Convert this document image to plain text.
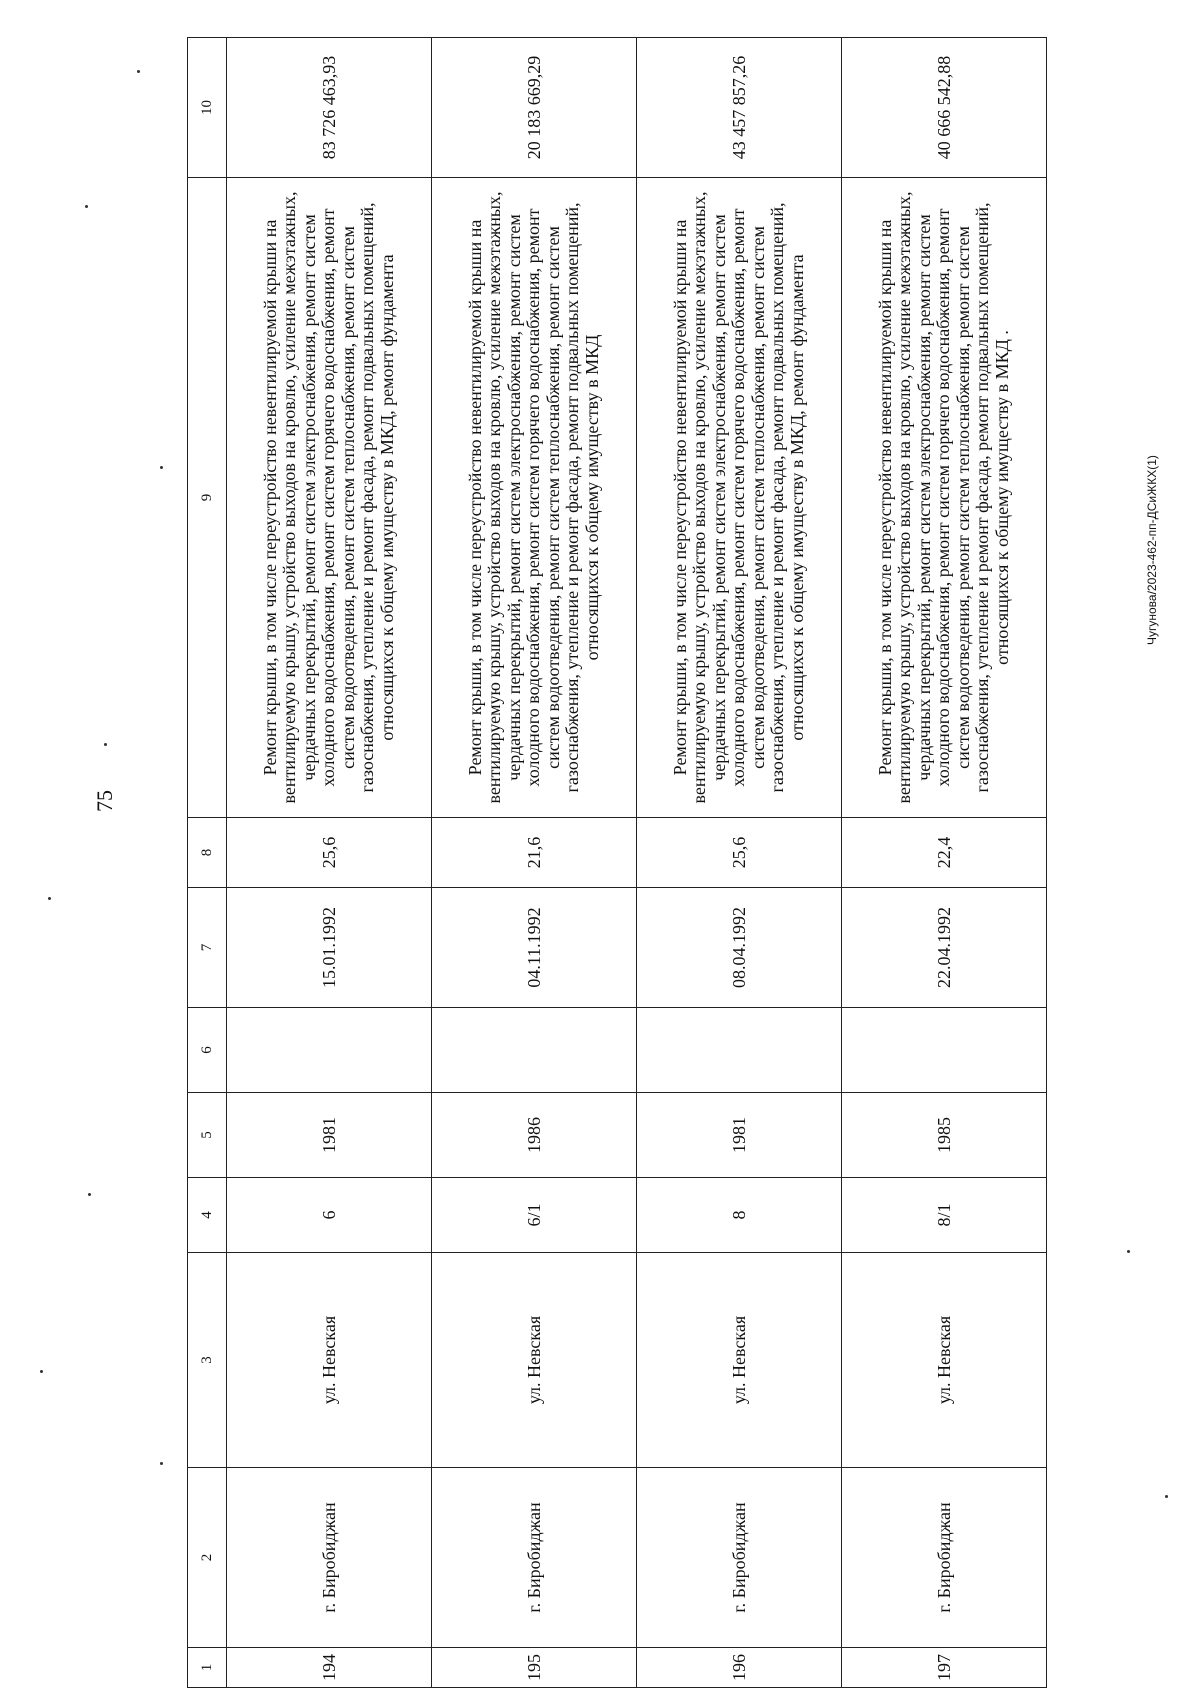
75
1	2	3	4	5	6	7	8	9	10
194	г. Биробиджан	ул. Невская	6	1981		15.01.1992	25,6	Ремонт крыши, в том числе переустройство невентилируемой крыши на вентилируемую крышу, устройство выходов на кровлю, усиление межэтажных, чердачных перекрытий, ремонт систем электроснабжения, ремонт систем холодного водоснабжения, ремонт систем горячего водоснабжения, ремонт систем водоотведения, ремонт систем теплоснабжения, ремонт систем газоснабжения, утепление и ремонт фасада, ремонт подвальных помещений, относящихся к общему имуществу в МКД, ремонт фундамента	83 726 463,93
195	г. Биробиджан	ул. Невская	6/1	1986		04.11.1992	21,6	Ремонт крыши, в том числе переустройство невентилируемой крыши на вентилируемую крышу, устройство выходов на кровлю, усиление межэтажных, чердачных перекрытий, ремонт систем электроснабжения, ремонт систем холодного водоснабжения, ремонт систем горячего водоснабжения, ремонт систем водоотведения, ремонт систем теплоснабжения, ремонт систем газоснабжения, утепление и ремонт фасада, ремонт подвальных помещений, относящихся к общему имуществу в МКД	20 183 669,29
196	г. Биробиджан	ул. Невская	8	1981		08.04.1992	25,6	Ремонт крыши, в том числе переустройство невентилируемой крыши на вентилируемую крышу, устройство выходов на кровлю, усиление межэтажных, чердачных перекрытий, ремонт систем электроснабжения, ремонт систем холодного водоснабжения, ремонт систем горячего водоснабжения, ремонт систем водоотведения, ремонт систем теплоснабжения, ремонт систем газоснабжения, утепление и ремонт фасада, ремонт подвальных помещений, относящихся к общему имуществу в МКД, ремонт фундамента	43 457 857,26
197	г. Биробиджан	ул. Невская	8/1	1985		22.04.1992	22,4	Ремонт крыши, в том числе переустройство невентилируемой крыши на вентилируемую крышу, устройство выходов на кровлю, усиление межэтажных, чердачных перекрытий, ремонт систем электроснабжения, ремонт систем холодного водоснабжения, ремонт систем горячего водоснабжения, ремонт систем водоотведения, ремонт систем теплоснабжения, ремонт систем газоснабжения, утепление и ремонт фасада, ремонт подвальных помещений, относящихся к общему имуществу в МКД .	40 666 542,88
Чугунова/2023-462-пп-ДСиЖКХ(1)
